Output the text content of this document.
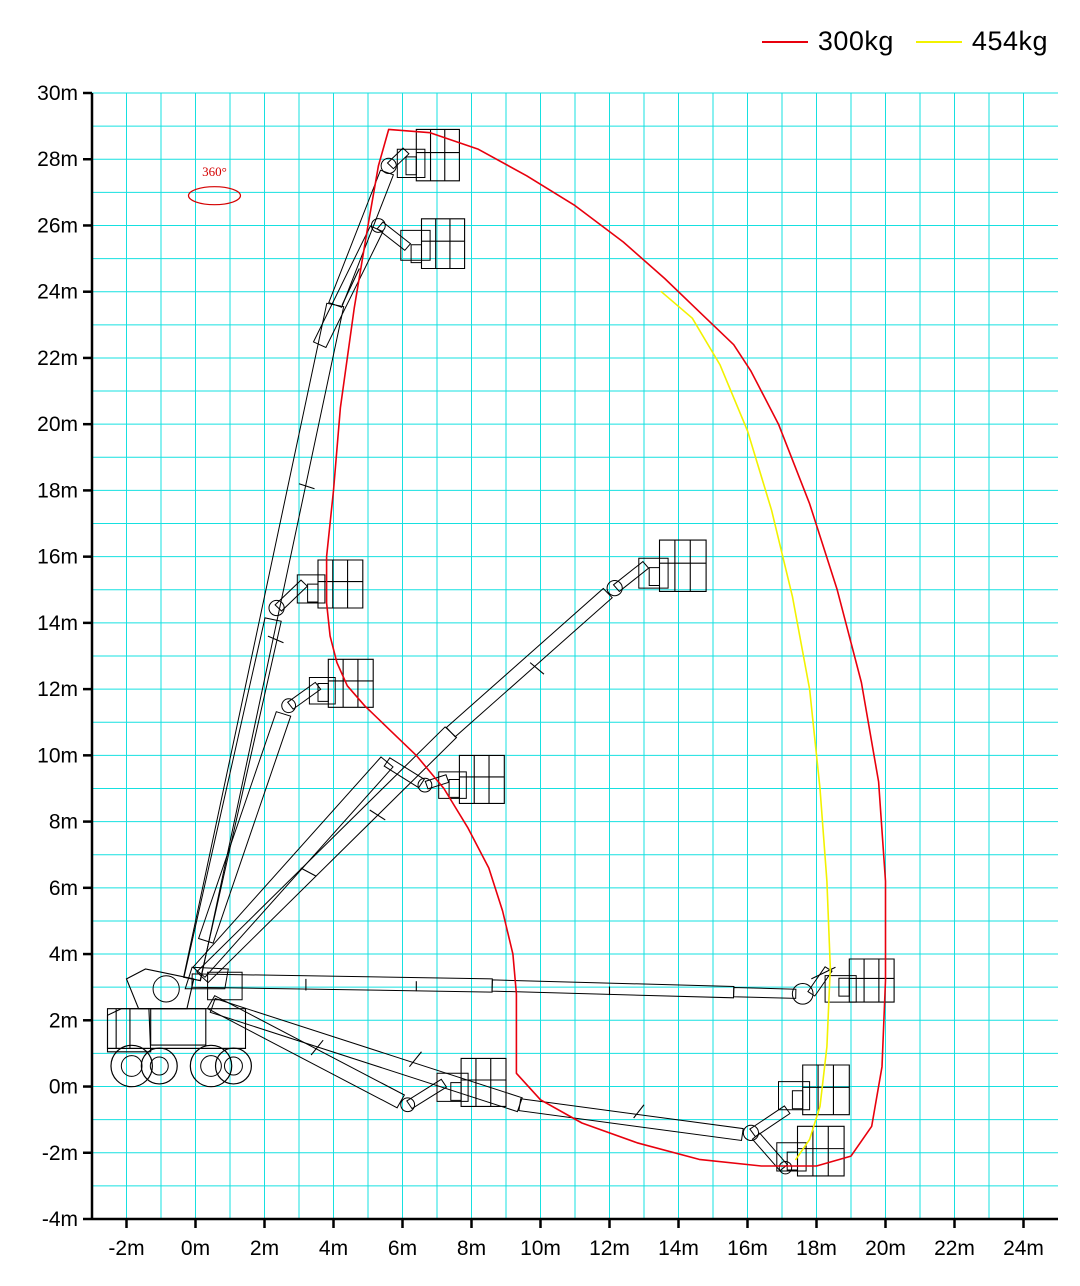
300kg	454kg
-4m
-2m
0m
2m
4m
6m
8m
10m
12m
14m
16m
18m
20m
22m
24m
26m
28m
30m
-2m 0m 2m 4m 6m 8m 10m 12m 14m 16m 18m 20m 22m 24m
360°
